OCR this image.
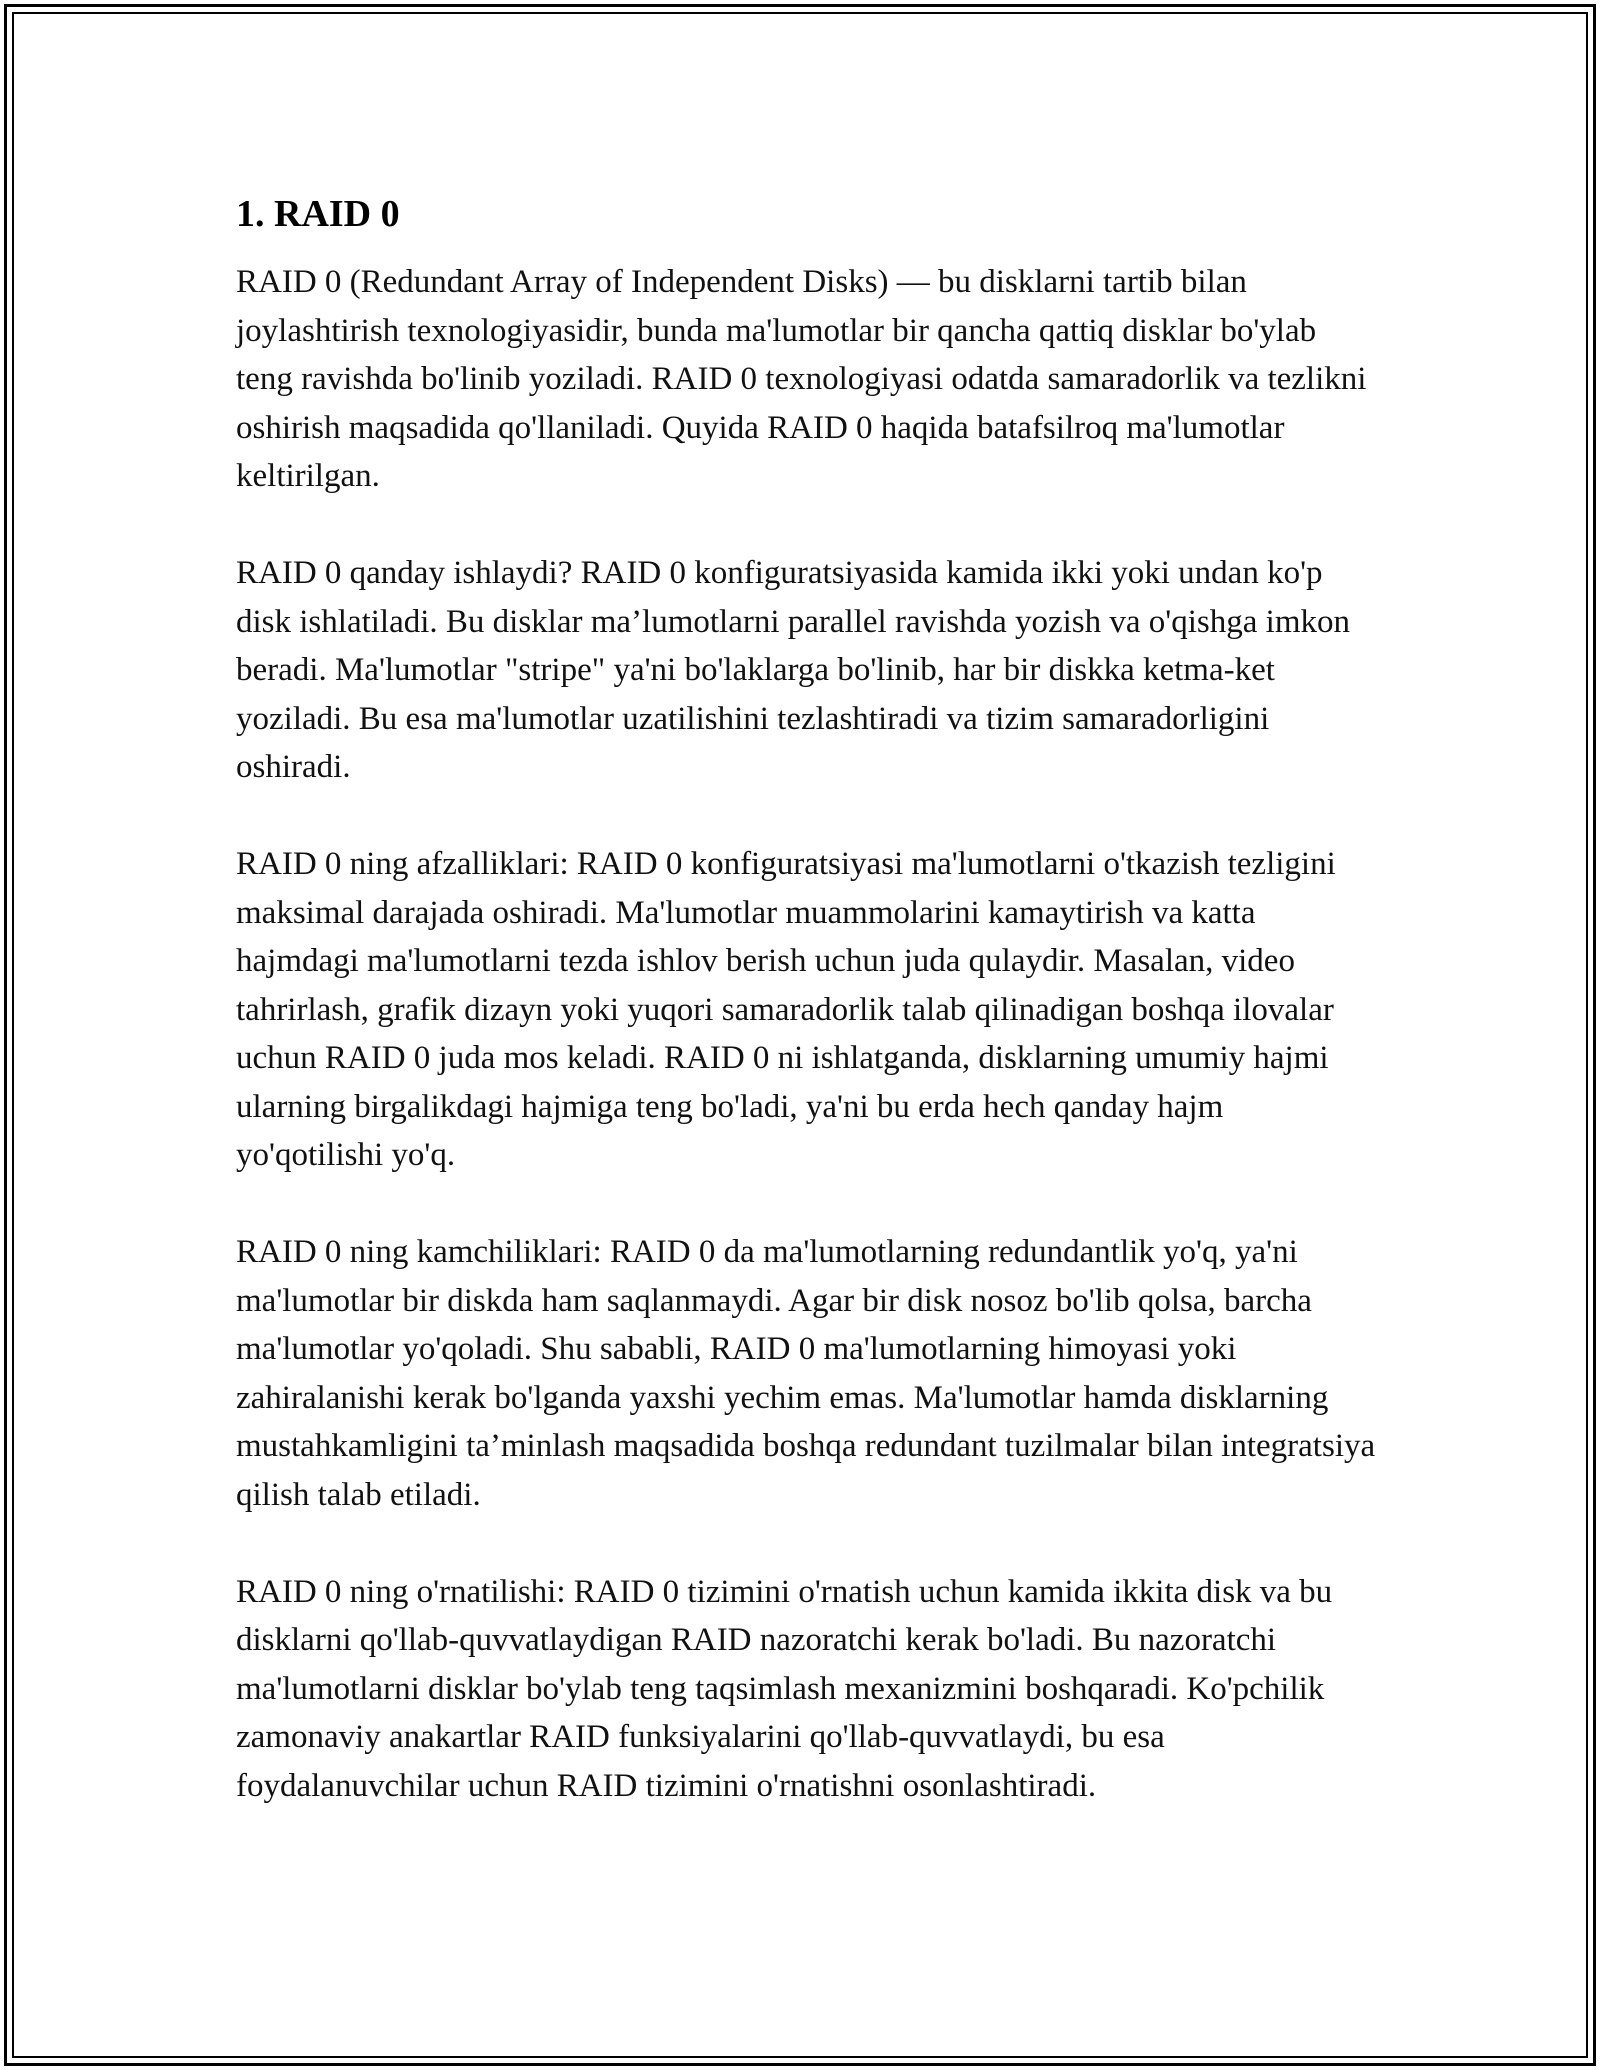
1. RAID 0

RAID 0 (Redundant Array of Independent Disks) — bu disklarni tartib bilan joylashtirish texnologiyasidir, bunda ma'lumotlar bir qancha qattiq disklar bo'ylab teng ravishda bo'linib yoziladi. RAID 0 texnologiyasi odatda samaradorlik va tezlikni oshirish maqsadida qo'llaniladi. Quyida RAID 0 haqida batafsilroq ma'lumotlar keltirilgan.

RAID 0 qanday ishlaydi? RAID 0 konfiguratsiyasida kamida ikki yoki undan ko'p disk ishlatiladi. Bu disklar ma’lumotlarni parallel ravishda yozish va o'qishga imkon beradi. Ma'lumotlar "stripe" ya'ni bo'laklarga bo'linib, har bir diskka ketma-ket yoziladi. Bu esa ma'lumotlar uzatilishini tezlashtiradi va tizim samaradorligini oshiradi.

RAID 0 ning afzalliklari: RAID 0 konfiguratsiyasi ma'lumotlarni o'tkazish tezligini maksimal darajada oshiradi. Ma'lumotlar muammolarini kamaytirish va katta hajmdagi ma'lumotlarni tezda ishlov berish uchun juda qulaydir. Masalan, video tahrirlash, grafik dizayn yoki yuqori samaradorlik talab qilinadigan boshqa ilovalar uchun RAID 0 juda mos keladi. RAID 0 ni ishlatganda, disklarning umumiy hajmi ularning birgalikdagi hajmiga teng bo'ladi, ya'ni bu erda hech qanday hajm yo'qotilishi yo'q.

RAID 0 ning kamchiliklari: RAID 0 da ma'lumotlarning redundantlik yo'q, ya'ni ma'lumotlar bir diskda ham saqlanmaydi. Agar bir disk nosoz bo'lib qolsa, barcha ma'lumotlar yo'qoladi. Shu sababli, RAID 0 ma'lumotlarning himoyasi yoki zahiralanishi kerak bo'lganda yaxshi yechim emas. Ma'lumotlar hamda disklarning mustahkamligini ta’minlash maqsadida boshqa redundant tuzilmalar bilan integratsiya qilish talab etiladi.

RAID 0 ning o'rnatilishi: RAID 0 tizimini o'rnatish uchun kamida ikkita disk va bu disklarni qo'llab-quvvatlaydigan RAID nazoratchi kerak bo'ladi. Bu nazoratchi ma'lumotlarni disklar bo'ylab teng taqsimlash mexanizmini boshqaradi. Ko'pchilik zamonaviy anakartlar RAID funksiyalarini qo'llab-quvvatlaydi, bu esa foydalanuvchilar uchun RAID tizimini o'rnatishni osonlashtiradi.
